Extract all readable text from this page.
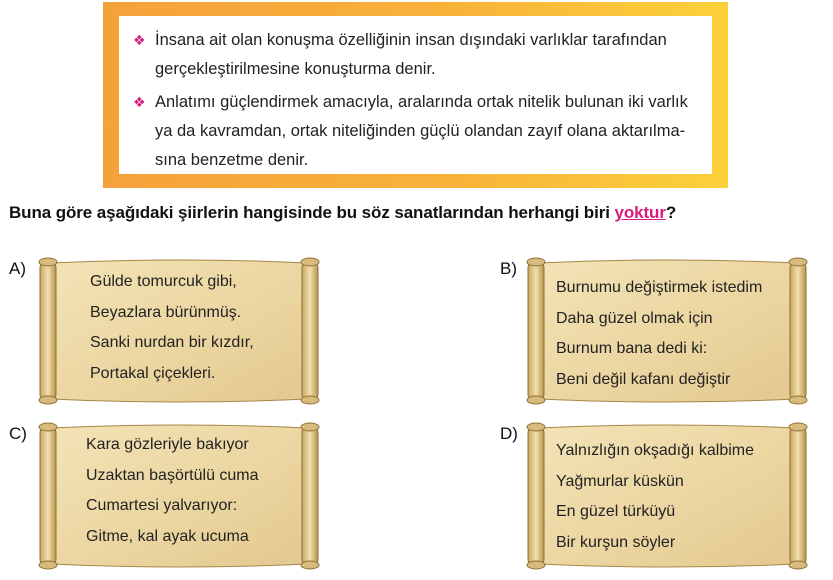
❖ İnsana ait olan konuşma özelliğinin insan dışındaki varlıklar tarafından
gerçekleştirilmesine konuşturma denir.
❖ Anlatımı güçlendirmek amacıyla, aralarında ortak nitelik bulunan iki varlık
ya da kavramdan, ortak niteliğinden güçlü olandan zayıf olana aktarılma-
sına benzetme denir.
Buna göre aşağıdaki şiirlerin hangisinde bu söz sanatlarından herhangi biri yoktur?
A)
Gülde tomurcuk gibi,
Beyazlara bürünmüş.
Sanki nurdan bir kızdır,
Portakal çiçekleri.
B)
Burnumu değiştirmek istedim
Daha güzel olmak için
Burnum bana dedi ki:
Beni değil kafanı değiştir
C)
Kara gözleriyle bakıyor
Uzaktan başörtülü cuma
Cumartesi yalvarıyor:
Gitme, kal ayak ucuma
D)
Yalnızlığın okşadığı kalbime
Yağmurlar küskün
En güzel türküyü
Bir kurşun söyler
